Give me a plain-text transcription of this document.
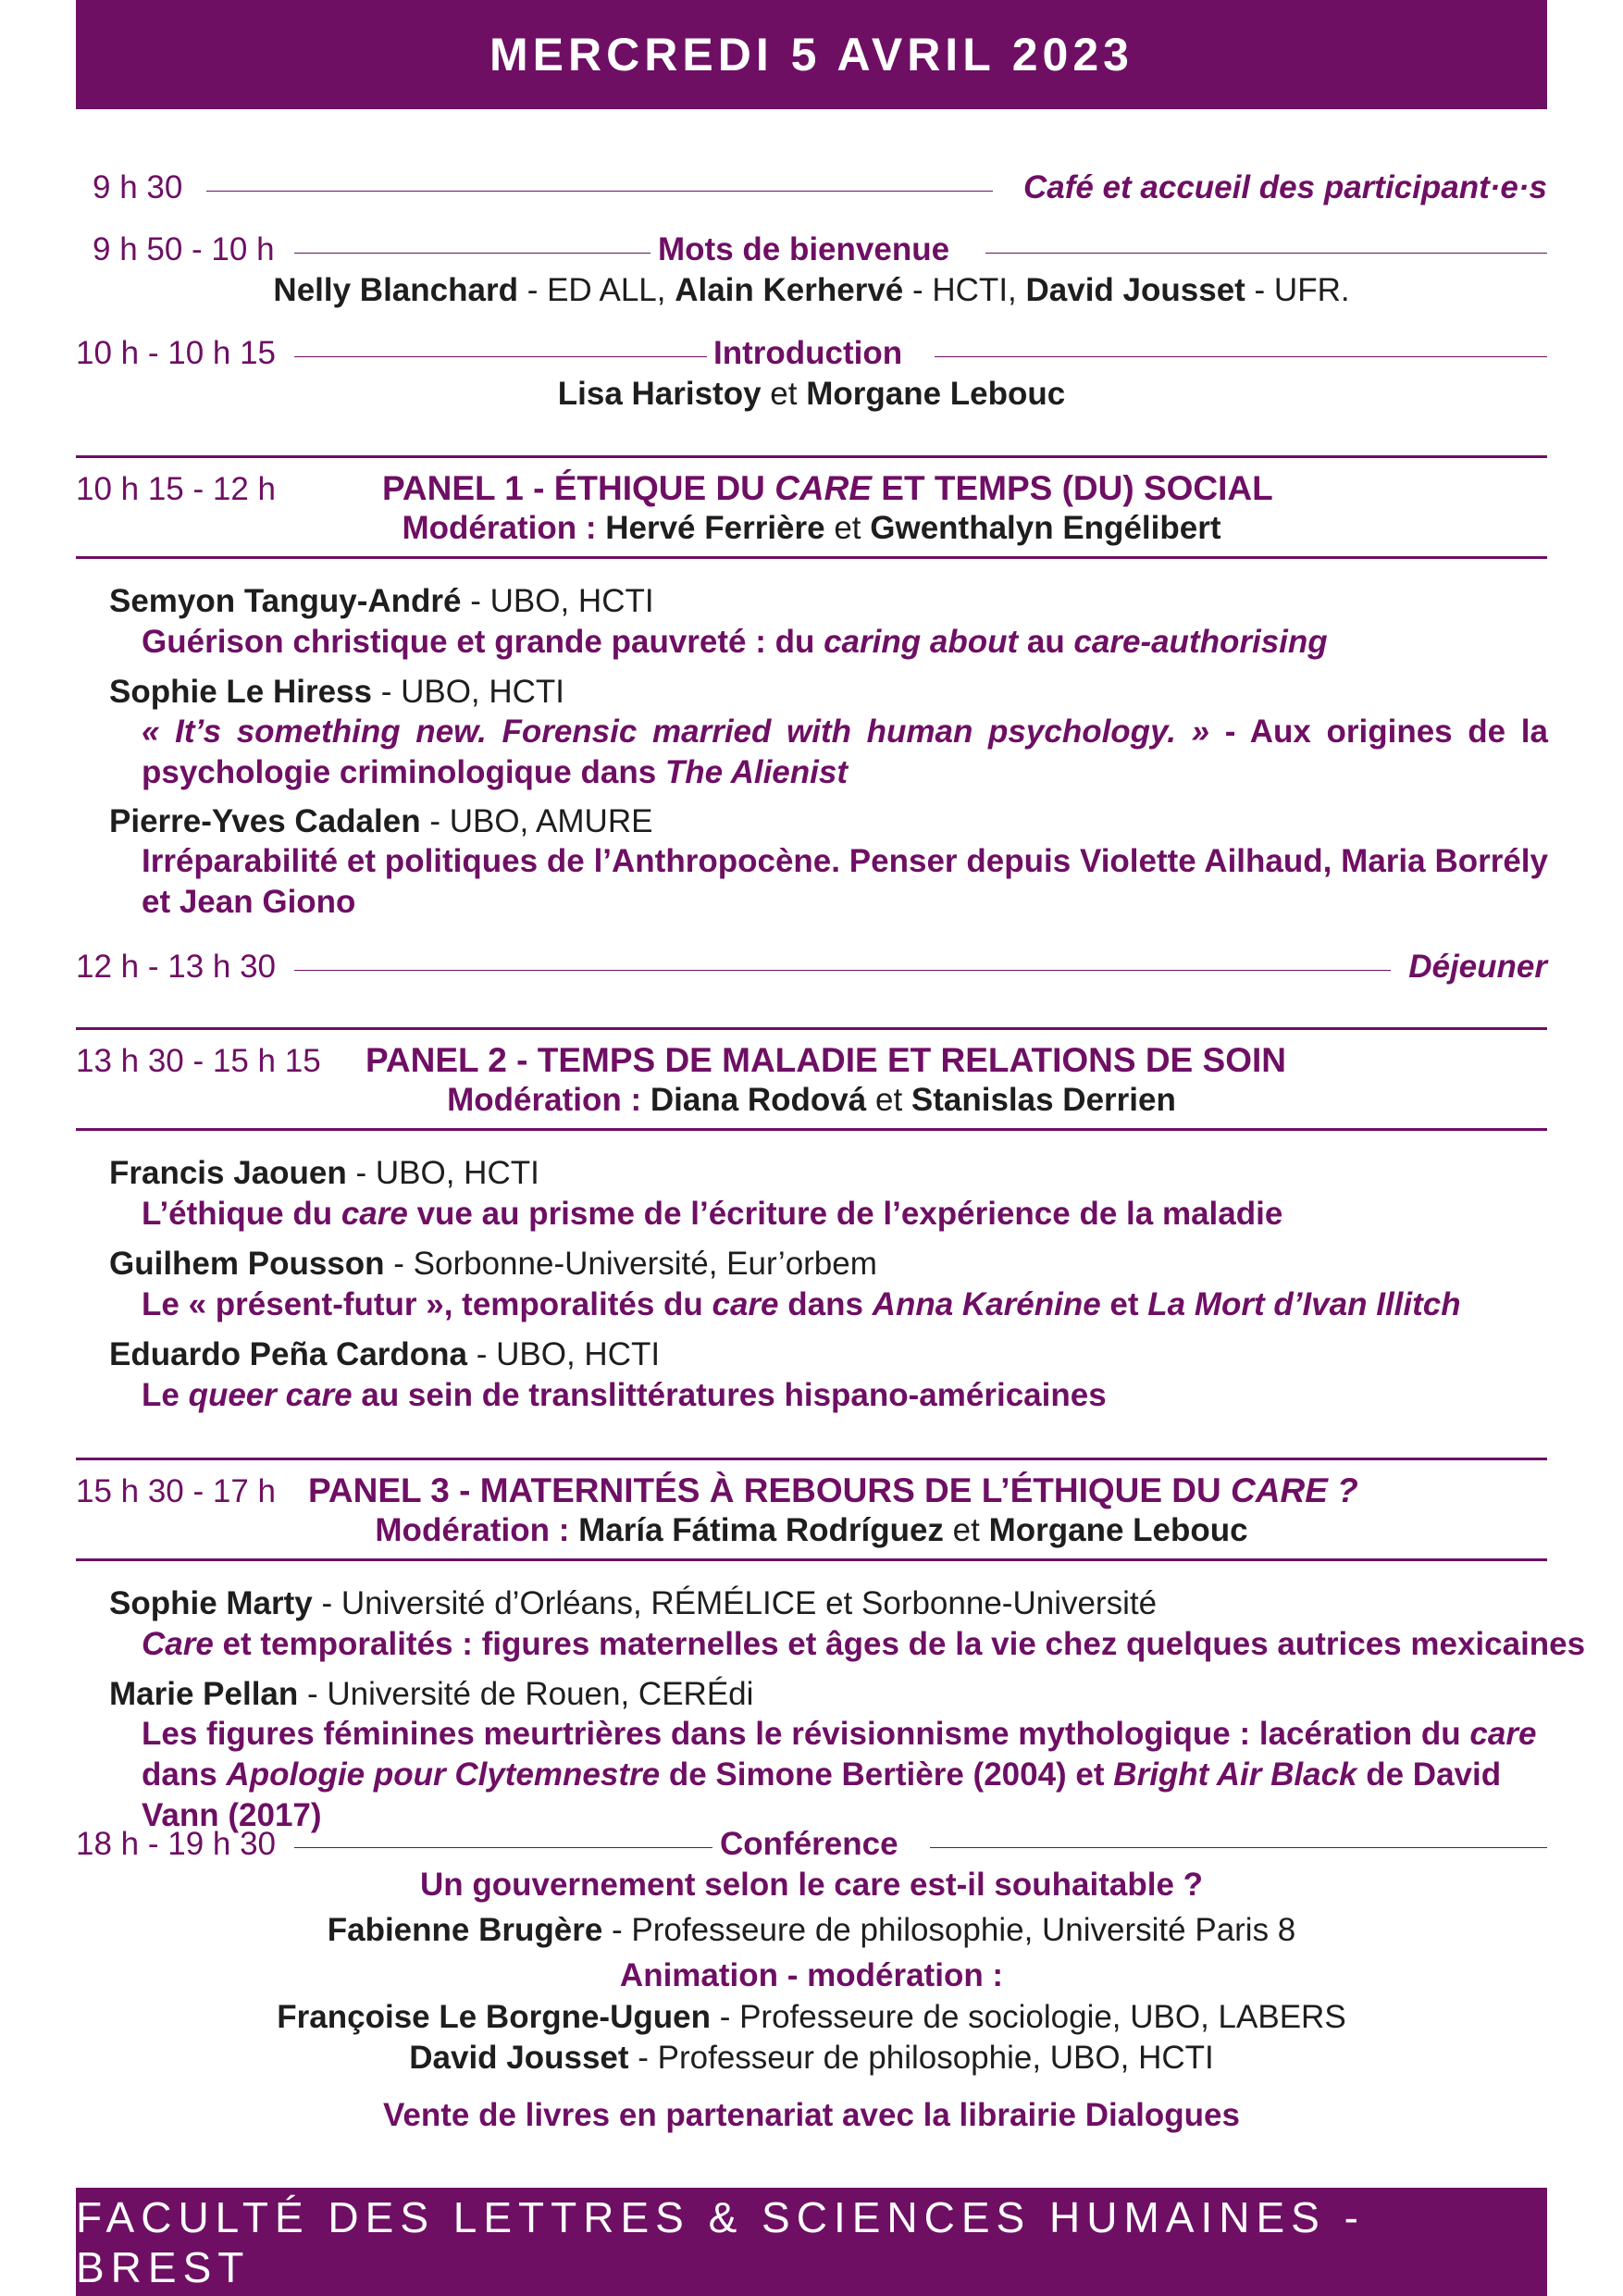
MERCREDI 5 AVRIL 2023
9 h 30	Café et accueil des participant·e·s
9 h 50 - 10 h	Mots de bienvenue
Nelly Blanchard - ED ALL, Alain Kerhervé - HCTI, David Jousset - UFR.
10 h - 10 h 15	Introduction
Lisa Haristoy et Morgane Lebouc
10 h 15 - 12 h	PANEL 1 - ÉTHIQUE DU CARE ET TEMPS (DU) SOCIAL
Modération : Hervé Ferrière et Gwenthalyn Engélibert
Semyon Tanguy-André - UBO, HCTI
Guérison christique et grande pauvreté : du caring about au care-authorising
Sophie Le Hiress - UBO, HCTI
« It’s something new. Forensic married with human psychology. » - Aux origines de la psychologie criminologique dans The Alienist
Pierre-Yves Cadalen - UBO, AMURE
Irréparabilité et politiques de l’Anthropocène. Penser depuis Violette Ailhaud, Maria Borrély et Jean Giono
12 h - 13 h 30	Déjeuner
13 h 30 - 15 h 15 PANEL 2 - TEMPS DE MALADIE ET RELATIONS DE SOIN
Modération : Diana Rodová et Stanislas Derrien
Francis Jaouen - UBO, HCTI
L’éthique du care vue au prisme de l’écriture de l’expérience de la maladie
Guilhem Pousson - Sorbonne-Université, Eur’orbem
Le « présent-futur », temporalités du care dans Anna Karénine et La Mort d’Ivan Illitch
Eduardo Peña Cardona - UBO, HCTI
Le queer care au sein de translittératures hispano-américaines
15 h 30 - 17 h PANEL 3 - MATERNITÉS À REBOURS DE L’ÉTHIQUE DU CARE ?
Modération : María Fátima Rodríguez et Morgane Lebouc
Sophie Marty - Université d’Orléans, RÉMÉLICE et Sorbonne-Université
Care et temporalités : figures maternelles et âges de la vie chez quelques autrices mexicaines
Marie Pellan - Université de Rouen, CERÉdi
Les figures féminines meurtrières dans le révisionnisme mythologique : lacération du care dans Apologie pour Clytemnestre de Simone Bertière (2004) et Bright Air Black de David Vann (2017)
18 h - 19 h 30	Conférence
Un gouvernement selon le care est-il souhaitable ?
Fabienne Brugère - Professeure de philosophie, Université Paris 8
Animation - modération :
Françoise Le Borgne-Uguen - Professeure de sociologie, UBO, LABERS
David Jousset - Professeur de philosophie, UBO, HCTI
Vente de livres en partenariat avec la librairie Dialogues
FACULTÉ DES LETTRES & SCIENCES HUMAINES - BREST
